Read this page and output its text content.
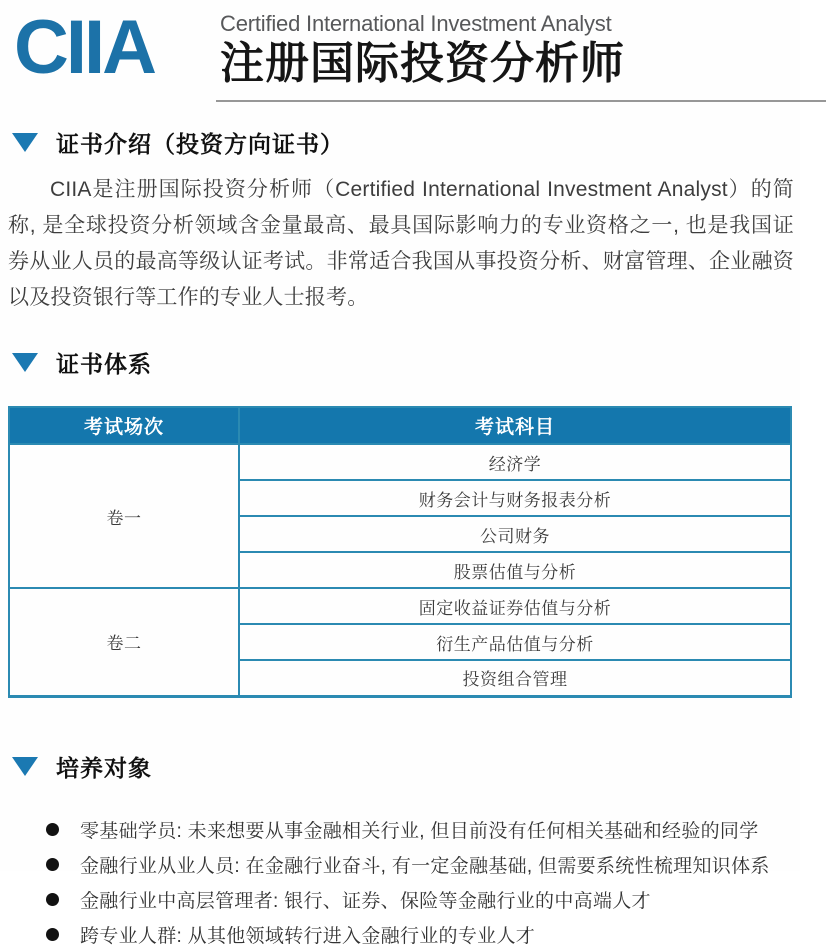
CIIA	Certified International Investment Analyst
注册国际投资分析师
证书介绍（投资方向证书）

CIIA是注册国际投资分析师（Certified International Investment Analyst）的简称, 是全球投资分析领域含金量最高、最具国际影响力的专业资格之一, 也是我国证券从业人员的最高等级认证考试。非常适合我国从事投资分析、财富管理、企业融资以及投资银行等工作的专业人士报考。

证书体系
考试场次	考试科目
卷一	经济学
	财务会计与财务报表分析
	公司财务
	股票估值与分析
卷二	固定收益证券估值与分析
	衍生产品估值与分析
	投资组合管理
培养对象
零基础学员: 未来想要从事金融相关行业, 但目前没有任何相关基础和经验的同学
金融行业从业人员: 在金融行业奋斗, 有一定金融基础, 但需要系统性梳理知识体系
金融行业中高层管理者: 银行、证券、保险等金融行业的中高端人才
跨专业人群: 从其他领域转行进入金融行业的专业人才
